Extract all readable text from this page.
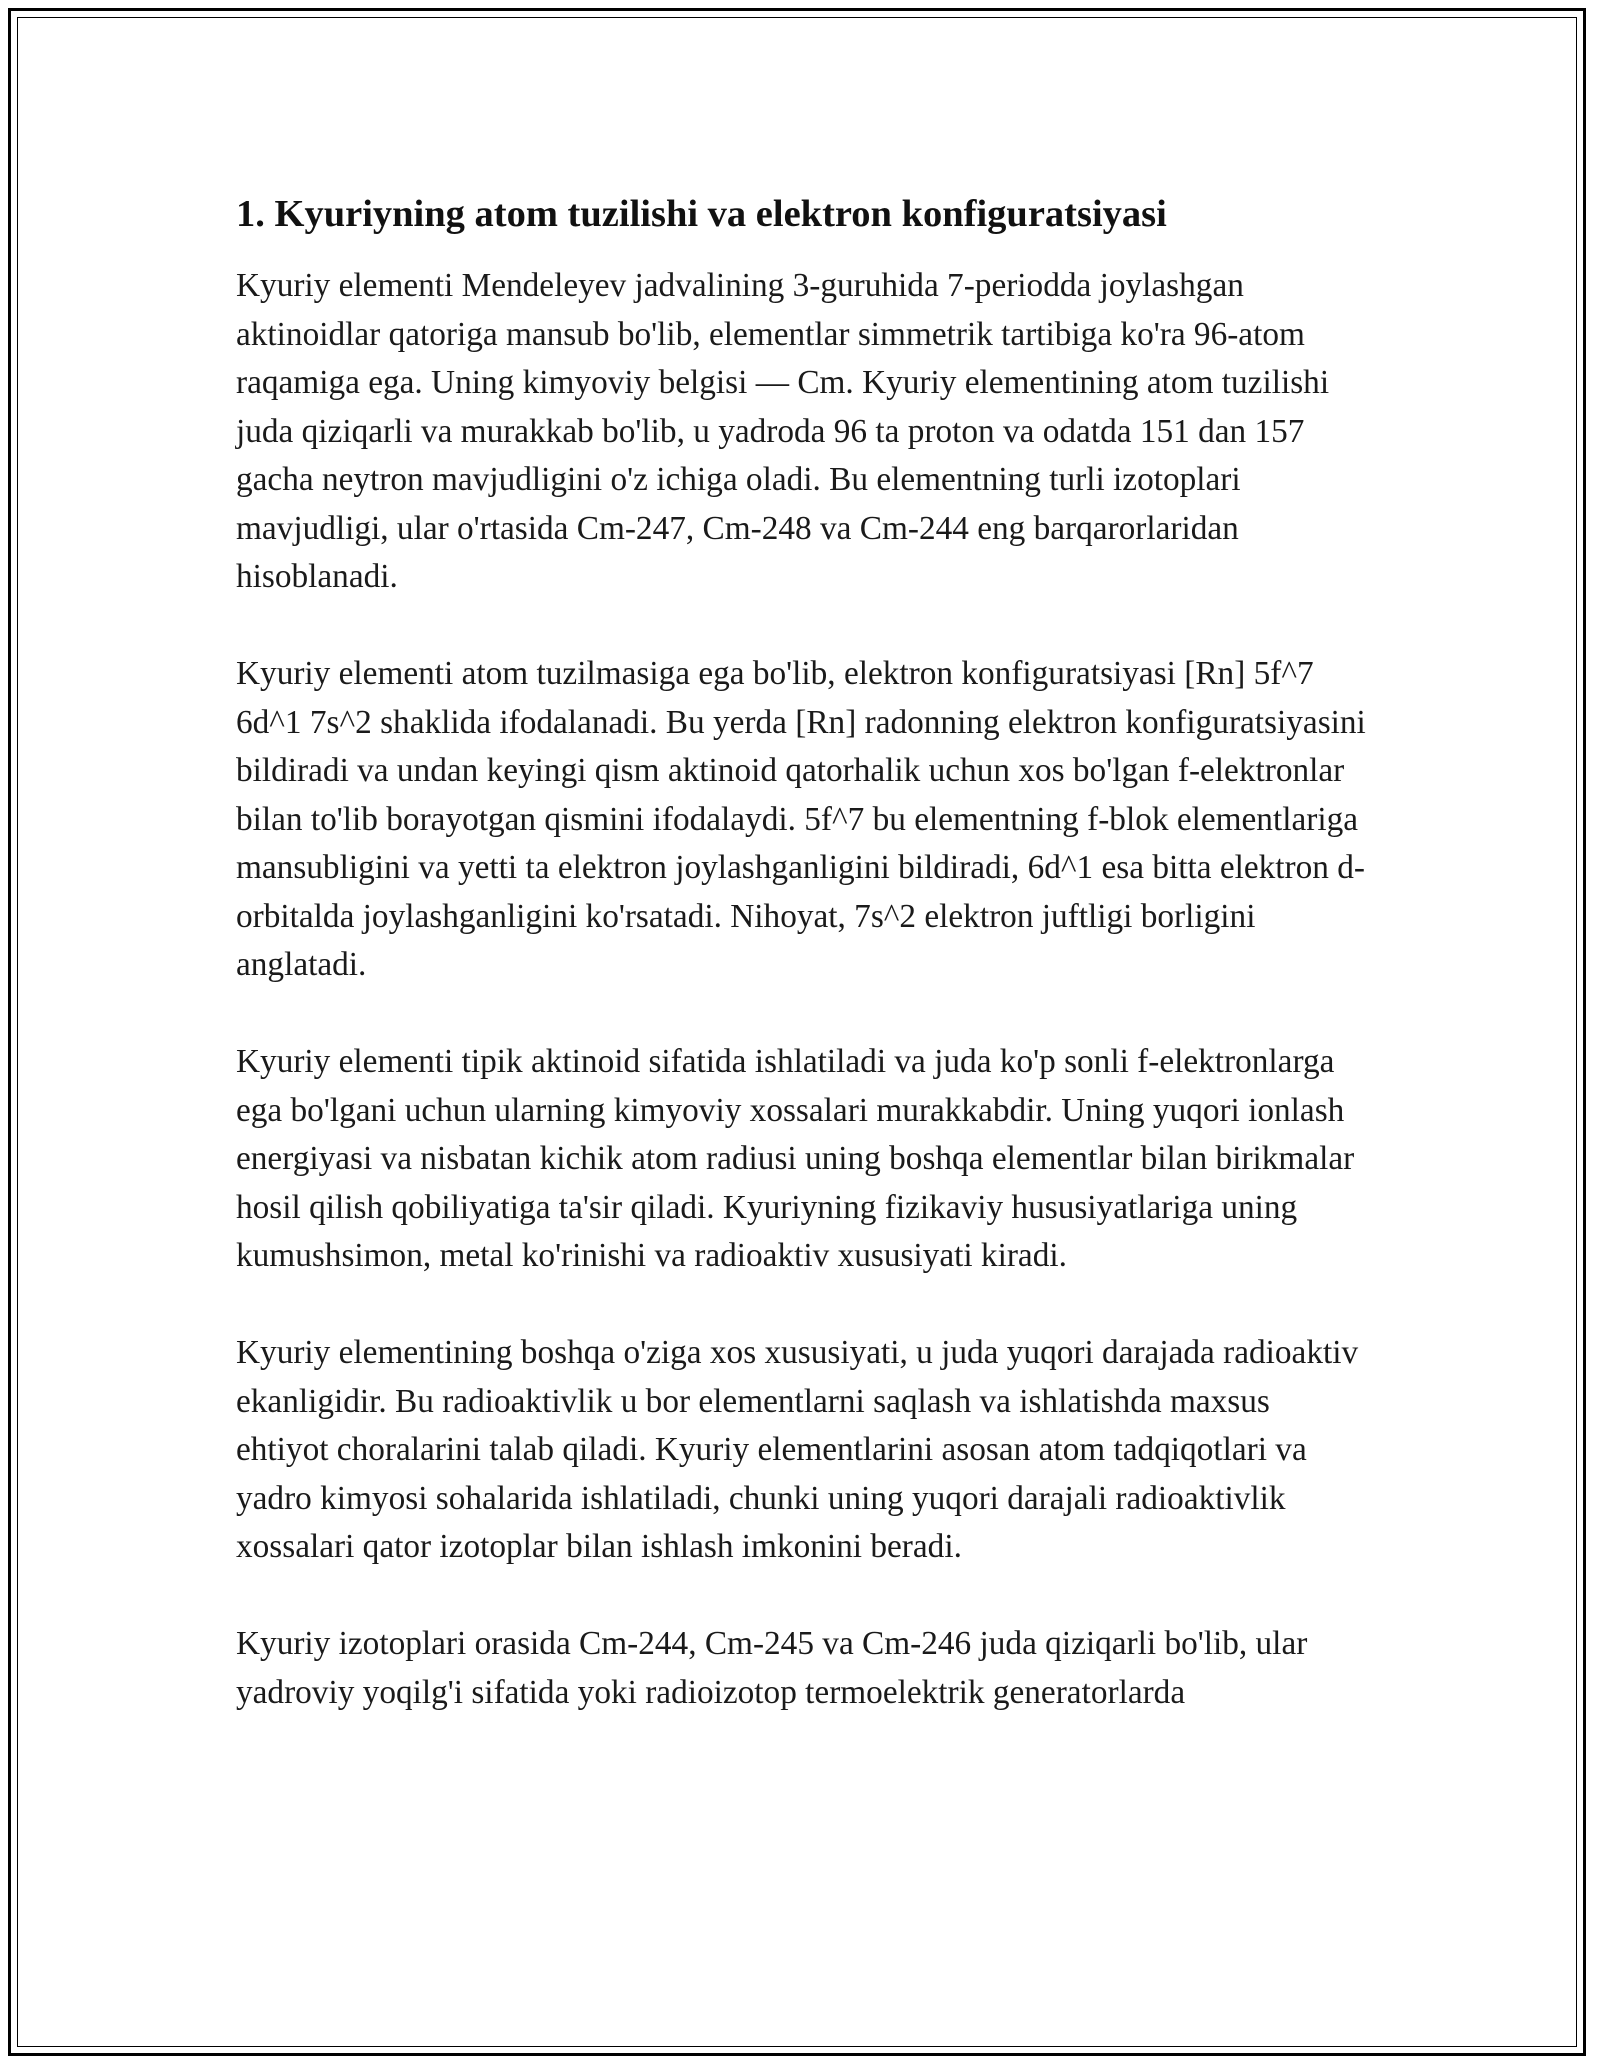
1. Kyuriyning atom tuzilishi va elektron konfiguratsiyasi

Kyuriy elementi Mendeleyev jadvalining 3-guruhida 7-periodda joylashgan aktinoidlar qatoriga mansub bo'lib, elementlar simmetrik tartibiga ko'ra 96-atom raqamiga ega. Uning kimyoviy belgisi — Cm. Kyuriy elementining atom tuzilishi juda qiziqarli va murakkab bo'lib, u yadroda 96 ta proton va odatda 151 dan 157 gacha neytron mavjudligini o'z ichiga oladi. Bu elementning turli izotoplari mavjudligi, ular o'rtasida Cm-247, Cm-248 va Cm-244 eng barqarorlaridan hisoblanadi.

Kyuriy elementi atom tuzilmasiga ega bo'lib, elektron konfiguratsiyasi [Rn] 5f^7 6d^1 7s^2 shaklida ifodalanadi. Bu yerda [Rn] radonning elektron konfiguratsiyasini bildiradi va undan keyingi qism aktinoid qatorhalik uchun xos bo'lgan f-elektronlar bilan to'lib borayotgan qismini ifodalaydi. 5f^7 bu elementning f-blok elementlariga mansubligini va yetti ta elektron joylashganligini bildiradi, 6d^1 esa bitta elektron d-orbitalda joylashganligini ko'rsatadi. Nihoyat, 7s^2 elektron juftligi borligini anglatadi.

Kyuriy elementi tipik aktinoid sifatida ishlatiladi va juda ko'p sonli f-elektronlarga ega bo'lgani uchun ularning kimyoviy xossalari murakkabdir. Uning yuqori ionlash energiyasi va nisbatan kichik atom radiusi uning boshqa elementlar bilan birikmalar hosil qilish qobiliyatiga ta'sir qiladi. Kyuriyning fizikaviy hususiyatlariga uning kumushsimon, metal ko'rinishi va radioaktiv xususiyati kiradi.

Kyuriy elementining boshqa o'ziga xos xususiyati, u juda yuqori darajada radioaktiv ekanligidir. Bu radioaktivlik u bor elementlarni saqlash va ishlatishda maxsus ehtiyot choralarini talab qiladi. Kyuriy elementlarini asosan atom tadqiqotlari va yadro kimyosi sohalarida ishlatiladi, chunki uning yuqori darajali radioaktivlik xossalari qator izotoplar bilan ishlash imkonini beradi.

Kyuriy izotoplari orasida Cm-244, Cm-245 va Cm-246 juda qiziqarli bo'lib, ular yadroviy yoqilg'i sifatida yoki radioizotop termoelektrik generatorlarda
